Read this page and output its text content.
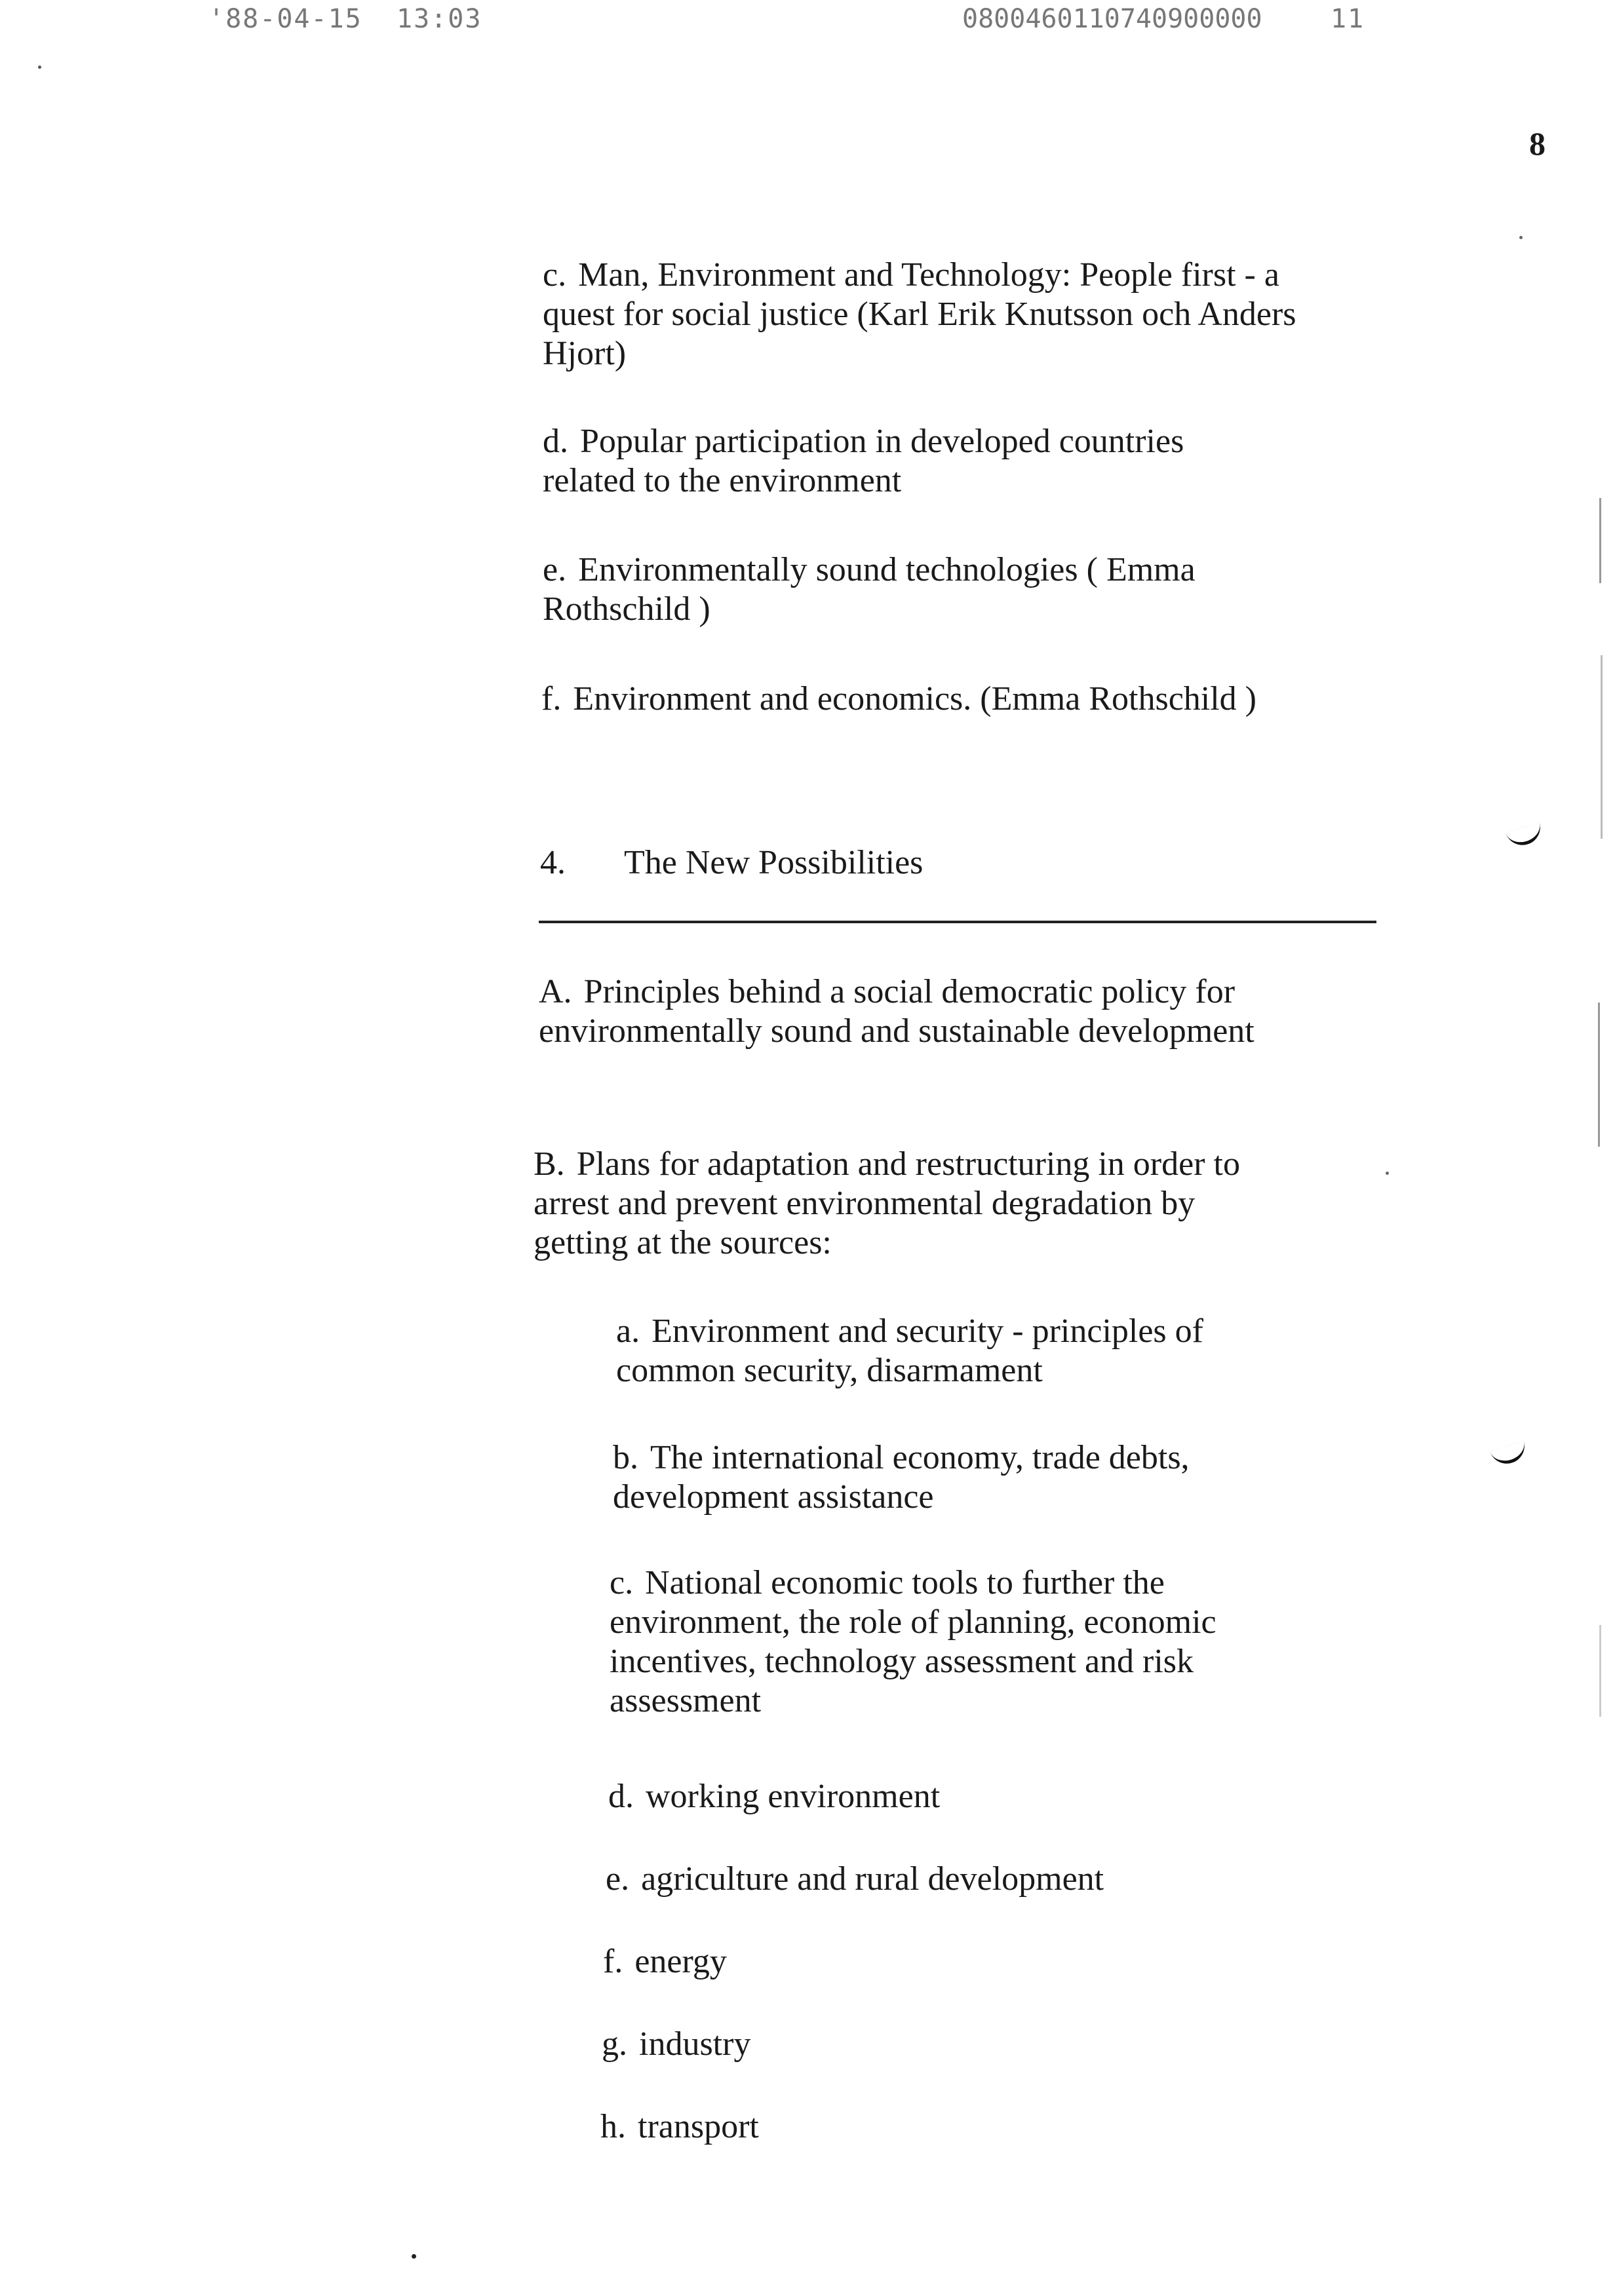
'88-04-15 13:03	0800460110740900000	11
8

c. Man, Environment and Technology: People first - a
quest for social justice (Karl Erik Knutsson och Anders
Hjort)

d. Popular participation in developed countries
related to the environment

e. Environmentally sound technologies ( Emma
Rothschild )

f. Environment and economics. (Emma Rothschild )

4. The New Possibilities

A. Principles behind a social democratic policy for
environmentally sound and sustainable development

B. Plans for adaptation and restructuring in order to
arrest and prevent environmental degradation by
getting at the sources:

a. Environment and security - principles of
common security, disarmament

b. The international economy, trade debts,
development assistance

c. National economic tools to further the
environment, the role of planning, economic
incentives, technology assessment and risk
assessment

d. working environment

e. agriculture and rural development

f. energy

g. industry

h. transport
